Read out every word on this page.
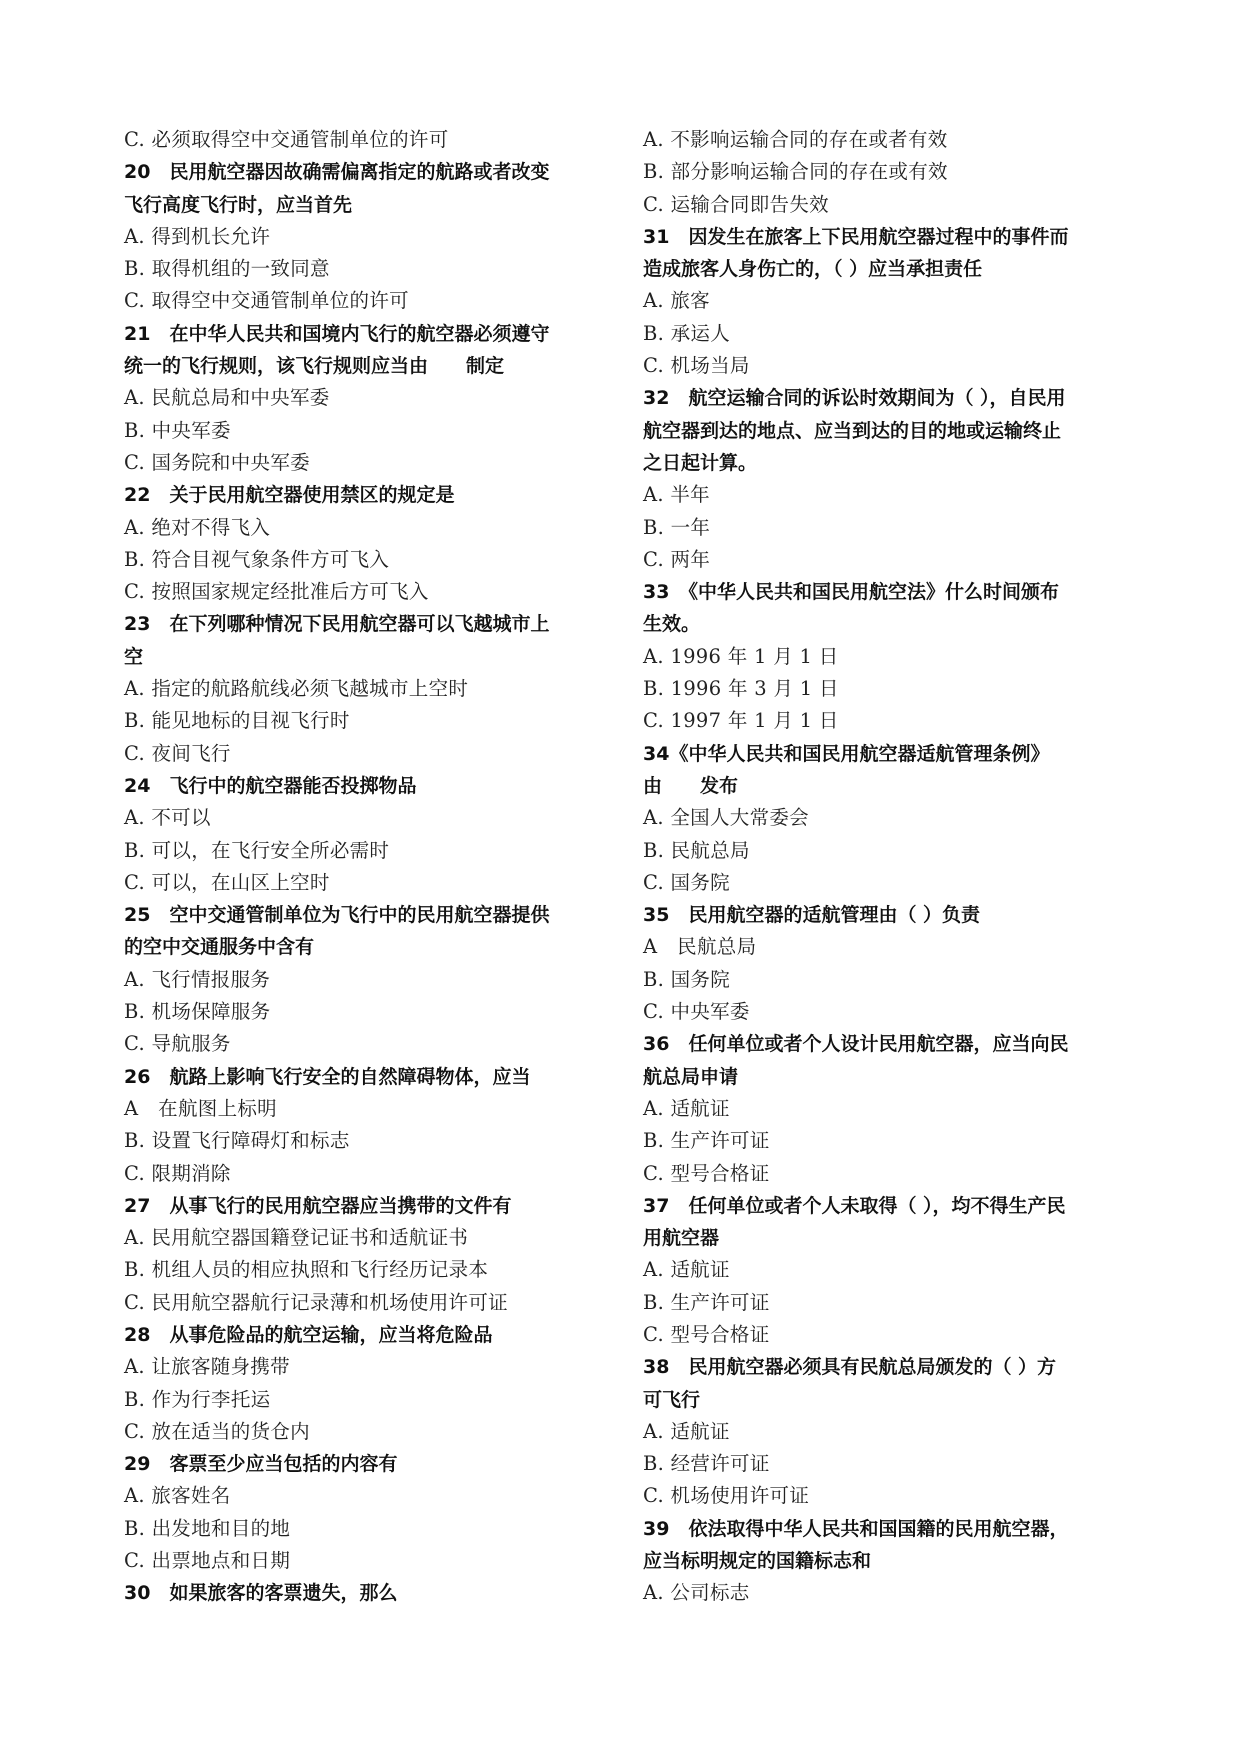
C. 必须取得空中交通管制单位的许可
20　民用航空器因故确需偏离指定的航路或者改变
飞行高度飞行时，应当首先
A. 得到机长允许
B. 取得机组的一致同意
C. 取得空中交通管制单位的许可
21　在中华人民共和国境内飞行的航空器必须遵守
统一的飞行规则，该飞行规则应当由　　制定
A. 民航总局和中央军委
B. 中央军委
C. 国务院和中央军委
22　关于民用航空器使用禁区的规定是
A. 绝对不得飞入
B. 符合目视气象条件方可飞入
C. 按照国家规定经批准后方可飞入
23　在下列哪种情况下民用航空器可以飞越城市上
空
A. 指定的航路航线必须飞越城市上空时
B. 能见地标的目视飞行时
C. 夜间飞行
24　飞行中的航空器能否投掷物品
A. 不可以
B. 可以，在飞行安全所必需时
C. 可以，在山区上空时
25　空中交通管制单位为飞行中的民用航空器提供
的空中交通服务中含有
A. 飞行情报服务
B. 机场保障服务
C. 导航服务
26　航路上影响飞行安全的自然障碍物体，应当
A　在航图上标明
B. 设置飞行障碍灯和标志
C. 限期消除
27　从事飞行的民用航空器应当携带的文件有
A. 民用航空器国籍登记证书和适航证书
B. 机组人员的相应执照和飞行经历记录本
C. 民用航空器航行记录薄和机场使用许可证
28　从事危险品的航空运输，应当将危险品
A. 让旅客随身携带
B. 作为行李托运
C. 放在适当的货仓内
29　客票至少应当包括的内容有
A. 旅客姓名
B. 出发地和目的地
C. 出票地点和日期
30　如果旅客的客票遗失，那么
A. 不影响运输合同的存在或者有效
B. 部分影响运输合同的存在或有效
C. 运输合同即告失效
31　因发生在旅客上下民用航空器过程中的事件而
造成旅客人身伤亡的，（ ）应当承担责任
A. 旅客
B. 承运人
C. 机场当局
32　航空运输合同的诉讼时效期间为（ ），自民用
航空器到达的地点、应当到达的目的地或运输终止
之日起计算。
A. 半年
B. 一年
C. 两年
33　《中华人民共和国民用航空法》什么时间颁布
生效。
A. 1996 年 1 月 1 日
B. 1996 年 3 月 1 日
C. 1997 年 1 月 1 日
34《中华人民共和国民用航空器适航管理条例》
由　　发布
A. 全国人大常委会
B. 民航总局
C. 国务院
35　民用航空器的适航管理由（ ）负责
A　民航总局
B. 国务院
C. 中央军委
36　任何单位或者个人设计民用航空器，应当向民
航总局申请
A. 适航证
B. 生产许可证
C. 型号合格证
37　任何单位或者个人未取得（ ），均不得生产民
用航空器
A. 适航证
B. 生产许可证
C. 型号合格证
38　民用航空器必须具有民航总局颁发的（ ）方
可飞行
A. 适航证
B. 经营许可证
C. 机场使用许可证
39　依法取得中华人民共和国国籍的民用航空器，
应当标明规定的国籍标志和
A. 公司标志
